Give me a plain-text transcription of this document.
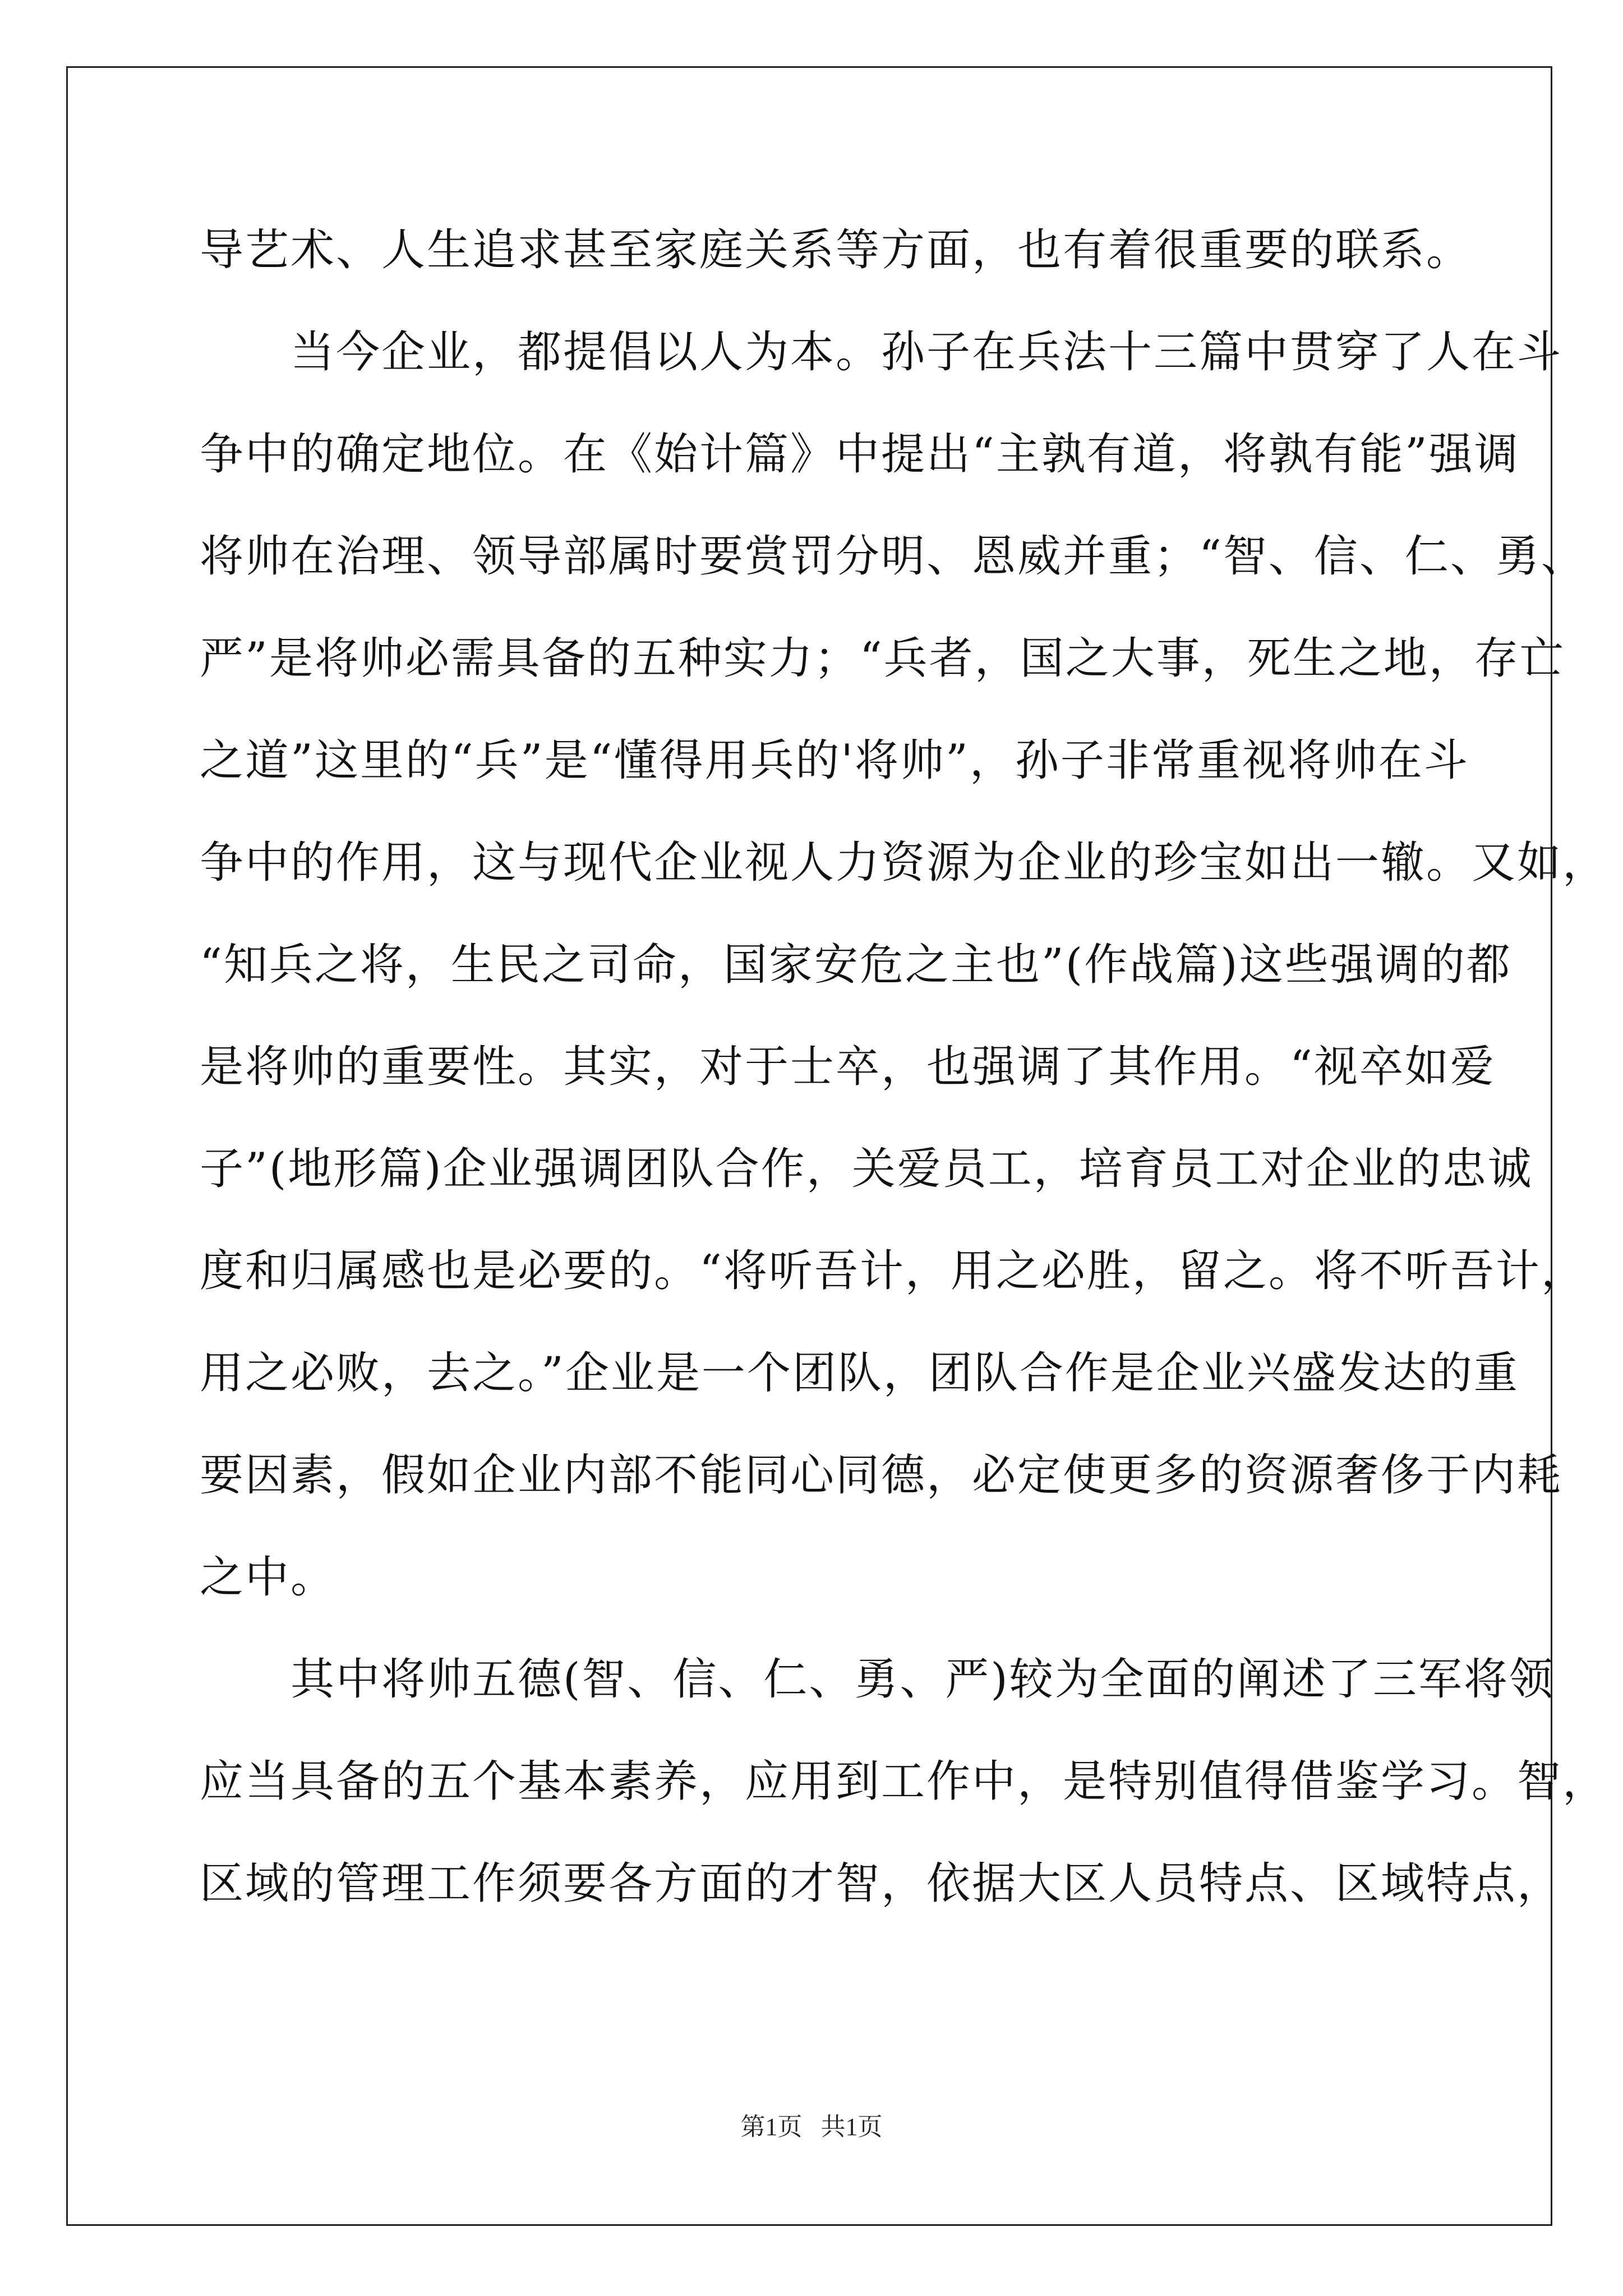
导艺术、人生追求甚至家庭关系等方面，也有着很重要的联系。
　　当今企业，都提倡以人为本。孙子在兵法十三篇中贯穿了人在斗
争中的确定地位。在《始计篇》中提出“主孰有道，将孰有能”强调
将帅在治理、领导部属时要赏罚分明、恩威并重；“智、信、仁、勇、
严”是将帅必需具备的五种实力；“兵者，国之大事，死生之地，存亡
之道”这里的“兵”是“懂得用兵的'将帅”，孙子非常重视将帅在斗
争中的作用，这与现代企业视人力资源为企业的珍宝如出一辙。又如，
“知兵之将，生民之司命，国家安危之主也”(作战篇)这些强调的都
是将帅的重要性。其实，对于士卒，也强调了其作用。“视卒如爱
子”(地形篇)企业强调团队合作，关爱员工，培育员工对企业的忠诚
度和归属感也是必要的。“将听吾计，用之必胜，留之。将不听吾计，
用之必败，去之。”企业是一个团队，团队合作是企业兴盛发达的重
要因素，假如企业内部不能同心同德，必定使更多的资源奢侈于内耗
之中。
　　其中将帅五德(智、信、仁、勇、严)较为全面的阐述了三军将领
应当具备的五个基本素养，应用到工作中，是特别值得借鉴学习。智，
区域的管理工作须要各方面的才智，依据大区人员特点、区域特点，
第1页   共1页
